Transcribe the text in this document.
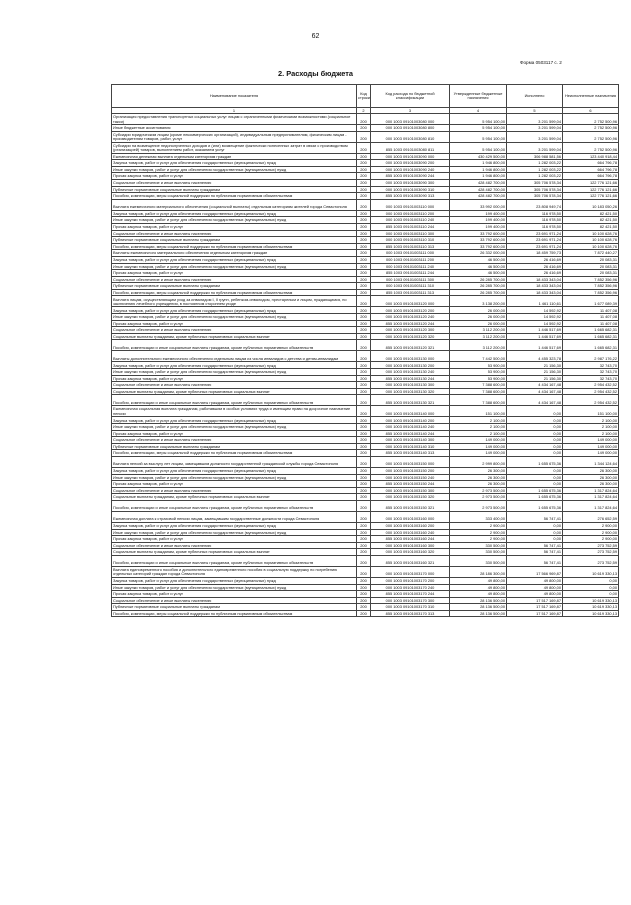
62
Форма 0503117 с. 2
2. Расходы бюджета
Наименование показателя	Код строки	Код расхода по бюджетной классификации	Утвержденные бюджетные назначения	Исполнено	Неисполненные назначения
1	2	3	4	5	6
Организация предоставления транспортных социальных услуг лицам с ограниченными физическими возможностями (социальное такси)	200	000 1003 09101003080 000	5 954 100,00	3 201 599,04	2 752 500,96
Иные бюджетные ассигнования	200	000 1003 09101003080 800	5 954 100,00	3 201 599,04	2 752 500,96
Субсидии юридическим лицам (кроме некоммерческих организаций), индивидуальным предпринимателям, физическим лицам - производителям товаров, работ, услуг	200	000 1003 09101003080 810	5 954 100,00	3 201 599,04	2 752 500,96
Субсидии на возмещение недополученных доходов и (или) возмещение фактически понесенных затрат в связи с производством (реализацией) товаров, выполнением работ, оказанием услуг	200	855 1003 09101003080 811	5 954 100,00	3 201 599,04	2 752 500,96
Ежемесячная денежная выплата отдельным категориям граждан	200	000 1003 09101003090 000	430 429 500,00	306 988 581,56	123 440 918,44
Закупка товаров, работ и услуг для обеспечения государственных (муниципальных) нужд	200	000 1003 09101003090 200	1 946 800,00	1 282 003,22	664 796,78
Иные закупки товаров, работ и услуг для обеспечения государственных (муниципальных) нужд	200	000 1003 09101003090 240	1 946 800,00	1 282 003,22	664 796,78
Прочая закупка товаров, работ и услуг	200	855 1003 09101003090 244	1 946 800,00	1 282 003,22	664 796,78
Социальное обеспечение и иные выплаты населению	200	000 1003 09101003090 300	428 482 700,00	305 706 578,34	122 776 121,66
Публичные нормативные социальные выплаты гражданам	200	000 1003 09101003090 310	428 482 700,00	305 706 578,34	122 776 121,66
Пособия, компенсации, меры социальной поддержки по публичным нормативным обязательствам	200	855 1003 09101003090 313	428 482 700,00	305 706 578,34	122 776 121,66
Выплата ежемесячного материального обеспечения (социальной выплаты) отдельным категориям жителей города Севастополя	200	000 1003 09101003110 000	33 992 000,00	23 808 949,74	10 183 050,26
Закупка товаров, работ и услуг для обеспечения государственных (муниципальных) нужд	200	000 1003 09101003110 200	199 400,00	116 978,50	82 421,50
Иные закупки товаров, работ и услуг для обеспечения государственных (муниципальных) нужд	200	000 1003 09101003110 240	199 400,00	116 978,50	82 421,50
Прочая закупка товаров, работ и услуг	200	855 1003 09101003110 244	199 400,00	116 978,50	82 421,50
Социальное обеспечение и иные выплаты населению	200	000 1003 09101003110 300	33 792 600,00	23 691 971,24	10 100 628,76
Публичные нормативные социальные выплаты гражданам	200	000 1003 09101003110 310	33 792 600,00	23 691 971,24	10 100 628,76
Пособия, компенсации, меры социальной поддержки по публичным нормативным обязательствам	200	855 1003 09101003110 313	33 792 600,00	23 691 971,24	10 100 628,76
Выплаты ежемесячного материального обеспечения отдельным категориям граждан	200	000 1003 09101003111 000	26 332 000,00	18 459 759,73	7 872 440,27
Закупка товаров, работ и услуг для обеспечения государственных (муниципальных) нужд	200	000 1003 09101003111 200	46 500,00	26 416,69	20 083,31
Иные закупки товаров, работ и услуг для обеспечения государственных (муниципальных) нужд	200	000 1003 09101003111 240	46 500,00	26 416,69	20 083,31
Прочая закупка товаров, работ и услуг	200	855 1003 09101003111 244	46 500,00	26 416,69	20 083,31
Социальное обеспечение и иные выплаты населению	200	000 1003 09101003111 300	26 285 700,00	18 433 343,04	7 852 356,96
Публичные нормативные социальные выплаты гражданам	200	000 1003 09101003111 310	26 285 700,00	18 433 343,04	7 852 356,96
Пособия, компенсации, меры социальной поддержки по публичным нормативным обязательствам	200	855 1003 09101003111 313	26 285 700,00	18 433 343,04	7 852 356,96
Выплата лицам, осуществляющим уход за инвалидом I, II групп, ребенком-инвалидом, престарелым и лицом, нуждающимся, по заключению лечебного учреждения, в постоянном стороннем уходе	200	000 1003 09101003120 000	3 138 200,00	1 461 110,61	1 677 089,39
Закупка товаров, работ и услуг для обеспечения государственных (муниципальных) нужд	200	000 1003 09101003120 200	26 000,00	14 592,92	11 407,08
Иные закупки товаров, работ и услуг для обеспечения государственных (муниципальных) нужд	200	000 1003 09101003120 240	26 000,00	14 592,92	11 407,08
Прочая закупка товаров, работ и услуг	200	855 1003 09101003120 244	26 000,00	14 592,92	11 407,08
Социальное обеспечение и иные выплаты населению	200	000 1003 09101003120 300	3 112 200,00	1 446 517,69	1 665 682,31
Социальные выплаты гражданам, кроме публичных нормативных социальных выплат	200	000 1003 09101003120 320	3 112 200,00	1 446 517,69	1 665 682,31
Пособия, компенсации и иные социальные выплаты гражданам, кроме публичных нормативных обязательств	200	855 1003 09101003120 321	3 112 200,00	1 446 517,69	1 665 682,31
Выплаты дополнительного ежемесячного обеспечения отдельным лицам из числа инвалидов с детства и детям-инвалидам	200	000 1003 09101003130 000	7 442 500,00	4 455 323,78	2 987 176,22
Закупка товаров, работ и услуг для обеспечения государственных (муниципальных) нужд	200	000 1003 09101003130 200	53 900,00	21 156,30	32 743,70
Иные закупки товаров, работ и услуг для обеспечения государственных (муниципальных) нужд	200	000 1003 09101003130 240	53 900,00	21 156,30	32 743,70
Прочая закупка товаров, работ и услуг	200	855 1003 09101003130 244	53 900,00	21 156,30	32 743,70
Социальное обеспечение и иные выплаты населению	200	000 1003 09101003130 300	7 388 600,00	4 434 167,48	2 954 432,52
Социальные выплаты гражданам, кроме публичных нормативных социальных выплат	200	000 1003 09101003130 320	7 388 600,00	4 434 167,48	2 954 432,52
Пособия, компенсации и иные социальные выплаты гражданам, кроме публичных нормативных обязательств	200	855 1003 09101003130 321	7 388 600,00	4 434 167,48	2 954 432,52
Ежемесячная социальная выплата гражданам, работавшим в особых условиях труда и имеющим право на досрочное назначение пенсии	200	000 1003 09101003140 000	151 100,00	0,00	151 100,00
Закупка товаров, работ и услуг для обеспечения государственных (муниципальных) нужд	200	000 1003 09101003140 200	2 100,00	0,00	2 100,00
Иные закупки товаров, работ и услуг для обеспечения государственных (муниципальных) нужд	200	000 1003 09101003140 240	2 100,00	0,00	2 100,00
Прочая закупка товаров, работ и услуг	200	855 1003 09101003140 244	2 100,00	0,00	2 100,00
Социальное обеспечение и иные выплаты населению	200	000 1003 09101003140 300	149 000,00	0,00	149 000,00
Публичные нормативные социальные выплаты гражданам	200	000 1003 09101003140 310	149 000,00	0,00	149 000,00
Пособия, компенсации, меры социальной поддержки по публичным нормативным обязательствам	200	855 1003 09101003140 313	149 000,00	0,00	149 000,00
Выплата пенсий за выслугу лет лицам, замещавшим должности государственной гражданской службы города Севастополя	200	000 1003 09101003150 000	2 999 800,00	1 655 675,36	1 344 124,64
Закупка товаров, работ и услуг для обеспечения государственных (муниципальных) нужд	200	000 1003 09101003150 200	26 300,00	0,00	26 300,00
Иные закупки товаров, работ и услуг для обеспечения государственных (муниципальных) нужд	200	000 1003 09101003150 240	26 300,00	0,00	26 300,00
Прочая закупка товаров, работ и услуг	200	855 1003 09101003150 244	26 300,00	0,00	26 300,00
Социальное обеспечение и иные выплаты населению	200	000 1003 09101003150 300	2 973 500,00	1 655 675,36	1 317 824,64
Социальные выплаты гражданам, кроме публичных нормативных социальных выплат	200	000 1003 09101003150 320	2 973 500,00	1 655 675,36	1 317 824,64
Пособия, компенсации и иные социальные выплаты гражданам, кроме публичных нормативных обязательств	200	855 1003 09101003150 321	2 973 500,00	1 655 675,36	1 317 824,64
Ежемесячная доплата к страховой пенсии лицам, замещавшим государственные должности города Севастополя	200	000 1003 09101003160 000	333 400,00	56 747,41	276 652,59
Закупка товаров, работ и услуг для обеспечения государственных (муниципальных) нужд	200	000 1003 09101003160 200	2 900,00	0,00	2 900,00
Иные закупки товаров, работ и услуг для обеспечения государственных (муниципальных) нужд	200	000 1003 09101003160 240	2 900,00	0,00	2 900,00
Прочая закупка товаров, работ и услуг	200	855 1003 09101003160 244	2 900,00	0,00	2 900,00
Социальное обеспечение и иные выплаты населению	200	000 1003 09101003160 300	330 500,00	56 747,41	273 752,59
Социальные выплаты гражданам, кроме публичных нормативных социальных выплат	200	000 1003 09101003160 320	330 500,00	56 747,41	273 752,59
Пособия, компенсации и иные социальные выплаты гражданам, кроме публичных нормативных обязательств	200	855 1003 09101003160 321	330 500,00	56 747,41	273 752,59
Выплата единовременного пособия и дополнительного единовременного пособия в социальную поддержку по погребению отдельных категорий граждан города Севастополя	200	000 1003 09101003170 000	28 186 300,00	17 566 969,87	10 619 330,13
Закупка товаров, работ и услуг для обеспечения государственных (муниципальных) нужд	200	000 1003 09101003170 200	49 800,00	49 800,00	0,00
Иные закупки товаров, работ и услуг для обеспечения государственных (муниципальных) нужд	200	000 1003 09101003170 240	49 800,00	49 800,00	0,00
Прочая закупка товаров, работ и услуг	200	855 1003 09101003170 244	49 800,00	49 800,00	0,00
Социальное обеспечение и иные выплаты населению	200	000 1003 09101003170 300	28 136 500,00	17 517 169,87	10 619 330,13
Публичные нормативные социальные выплаты гражданам	200	000 1003 09101003170 310	28 136 500,00	17 517 169,87	10 619 330,13
Пособия, компенсации, меры социальной поддержки по публичным нормативным обязательствам	200	855 1003 09101003170 313	28 136 500,00	17 517 169,87	10 619 330,13
